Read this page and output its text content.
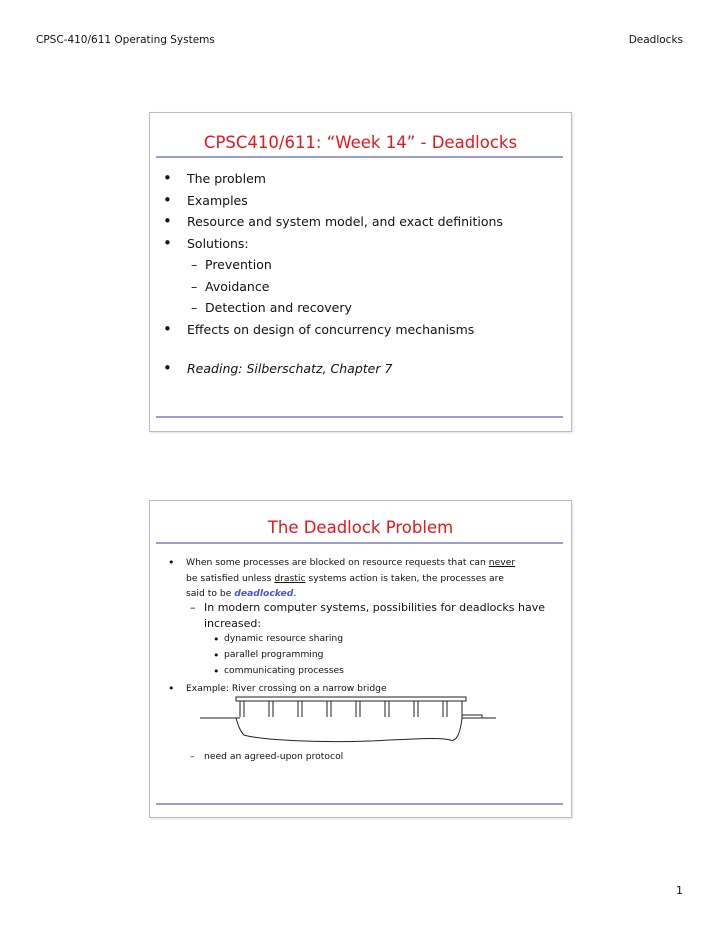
CPSC-410/611 Operating Systems	Deadlocks
CPSC410/611: “Week 14” - Deadlocks
• The problem
• Examples
• Resource and system model, and exact definitions
• Solutions:
– Prevention
– Avoidance
– Detection and recovery
• Effects on design of concurrency mechanisms
• Reading: Silberschatz, Chapter 7
The Deadlock Problem
• When some processes are blocked on resource requests that can never
be satisfied unless drastic systems action is taken, the processes are
said to be deadlocked.
– In modern computer systems, possibilities for deadlocks have increased:
• dynamic resource sharing
• parallel programming
• communicating processes
• Example: River crossing on a narrow bridge
– need an agreed-upon protocol
1
